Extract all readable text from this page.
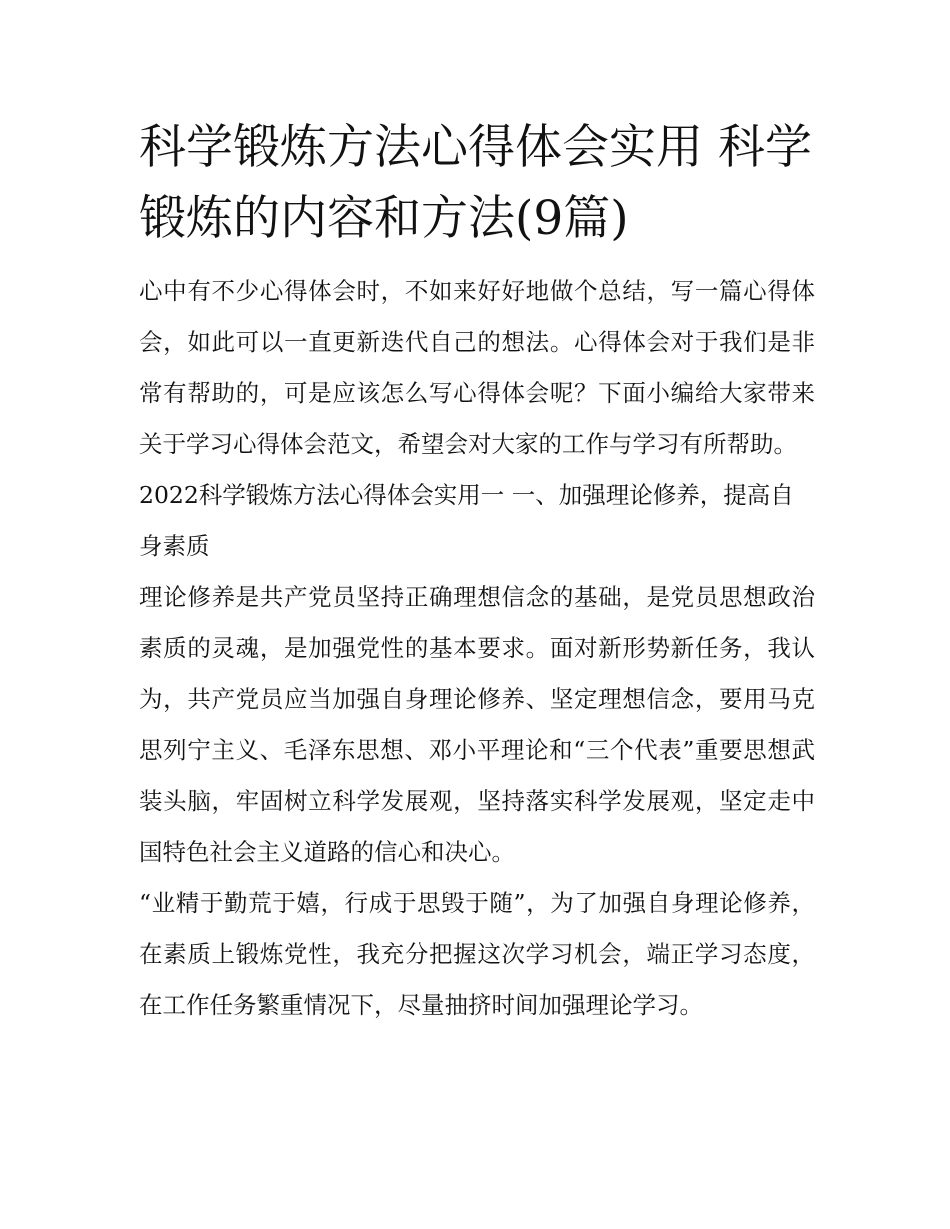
科学锻炼方法心得体会实用 科学锻炼的内容和方法(9篇)

心中有不少心得体会时，不如来好好地做个总结，写一篇心得体会，如此可以一直更新迭代自己的想法。心得体会对于我们是非常有帮助的，可是应该怎么写心得体会呢？下面小编给大家带来关于学习心得体会范文，希望会对大家的工作与学习有所帮助。

2022科学锻炼方法心得体会实用一 一、加强理论修养，提高自身素质

理论修养是共产党员坚持正确理想信念的基础，是党员思想政治素质的灵魂，是加强党性的基本要求。面对新形势新任务，我认为，共产党员应当加强自身理论修养、坚定理想信念，要用马克思列宁主义、毛泽东思想、邓小平理论和“三个代表”重要思想武装头脑，牢固树立科学发展观，坚持落实科学发展观，坚定走中国特色社会主义道路的信心和决心。

“业精于勤荒于嬉，行成于思毁于随”，为了加强自身理论修养，在素质上锻炼党性，我充分把握这次学习机会，端正学习态度，在工作任务繁重情况下，尽量抽挤时间加强理论学习。
